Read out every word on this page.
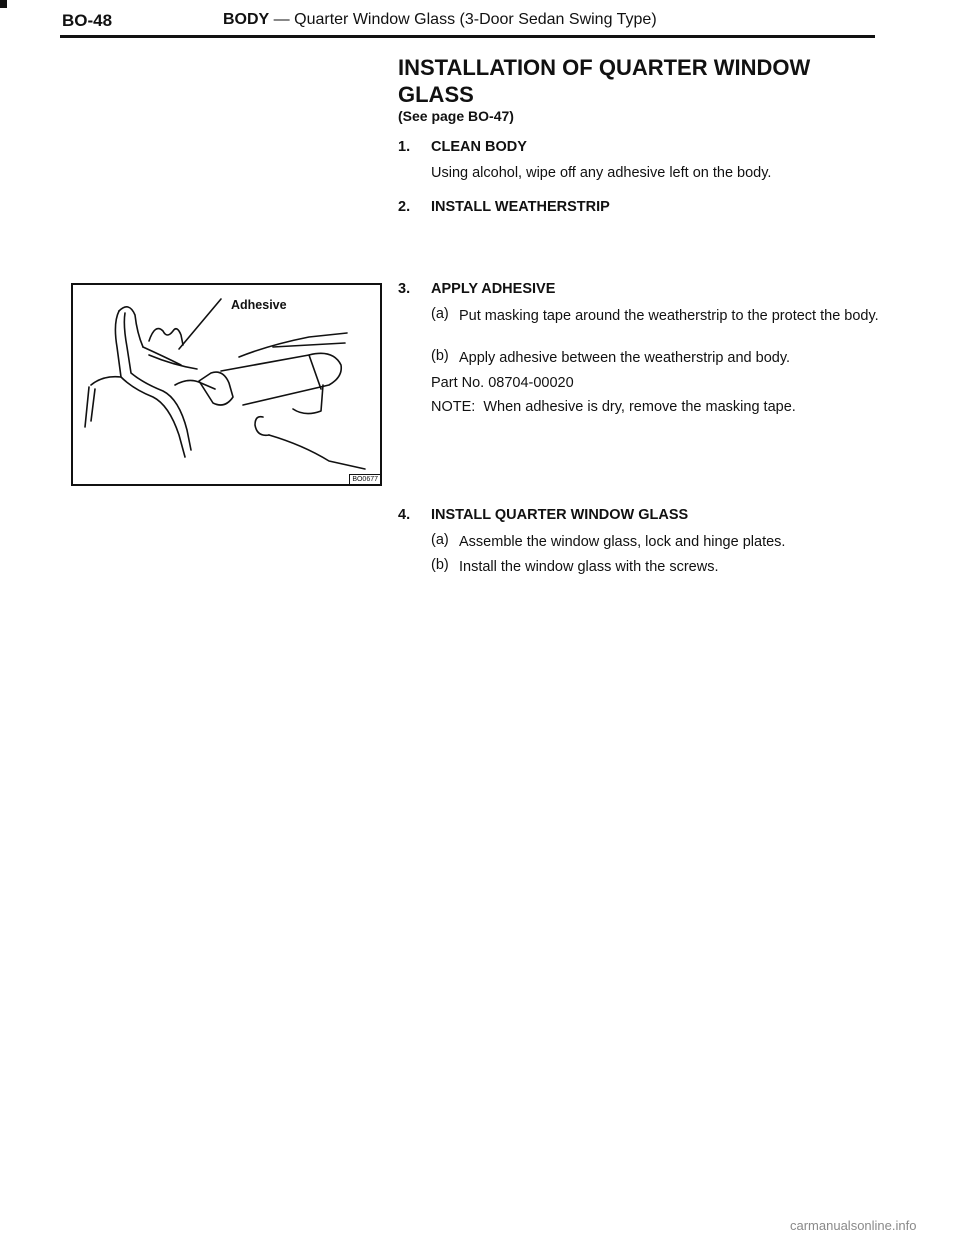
BO-48	BODY — Quarter Window Glass (3-Door Sedan Swing Type)
INSTALLATION OF QUARTER WINDOW
GLASS
(See page BO-47)
1. CLEAN BODY
Using alcohol, wipe off any adhesive left on the body.
2. INSTALL WEATHERSTRIP
Adhesive
BO0677
3. APPLY ADHESIVE
(a) Put masking tape around the weatherstrip to the protect the body.
(b) Apply adhesive between the weatherstrip and body.
Part No. 08704-00020
NOTE:  When adhesive is dry, remove the masking tape.
4. INSTALL QUARTER WINDOW GLASS
(a) Assemble the window glass, lock and hinge plates.
(b) Install the window glass with the screws.
carmanualsonline.info
